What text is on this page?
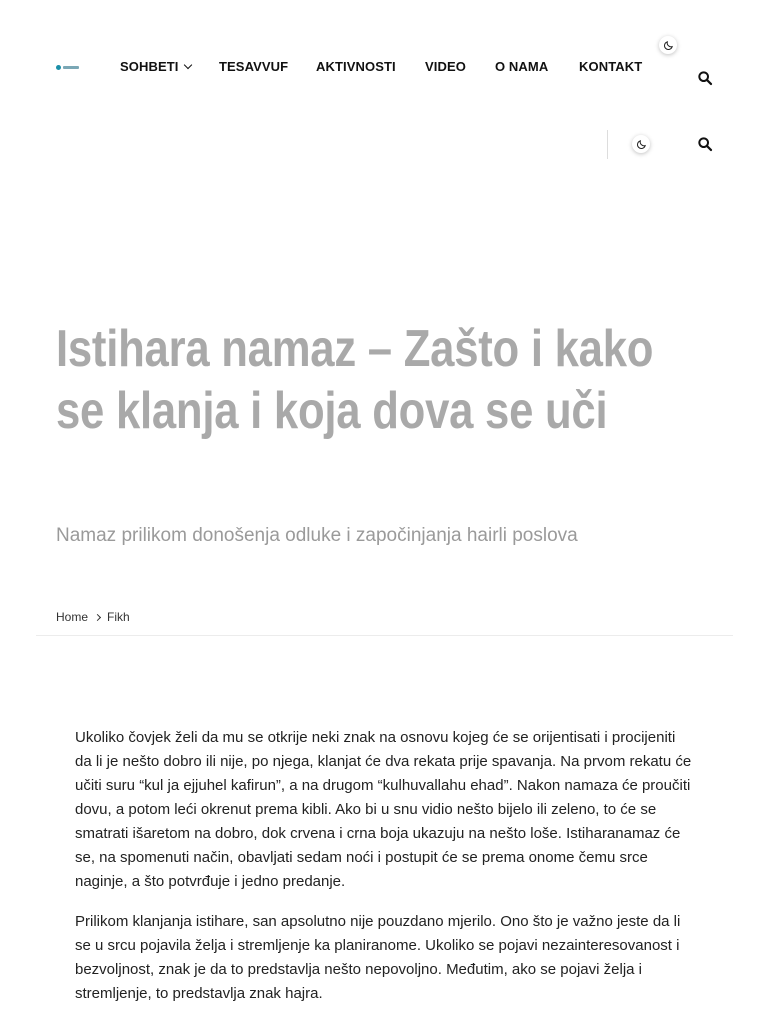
SOHBETI	TESAVVUF AKTIVNOSTI VIDEO O NAMA KONTAKT
Istihara namaz – Zašto i kako se klanja i koja dova se uči
Namaz prilikom donošenja odluke i započinjanja hairli poslova
Home Fikh

Ukoliko čovjek želi da mu se otkrije neki znak na osnovu kojeg će se orijentisati i procijeniti da li je nešto dobro ili nije, po njega, klanjat će dva rekata prije spavanja. Na prvom rekatu će učiti suru “kul ja ejjuhel kafirun”, a na drugom “kulhuvallahu ehad”. Nakon namaza će proučiti dovu, a potom leći okrenut prema kibli. Ako bi u snu vidio nešto bijelo ili zeleno, to će se smatrati išaretom na dobro, dok crvena i crna boja ukazuju na nešto loše. Istiharanamaz će se, na spomenuti način, obavljati sedam noći i postupit će se prema onome čemu srce naginje, a što potvrđuje i jedno predanje.

Prilikom klanjanja istihare, san apsolutno nije pouzdano mjerilo. Ono što je važno jeste da li se u srcu pojavila želja i stremljenje ka planiranome. Ukoliko se pojavi nezainteresovanost i bezvoljnost, znak je da to predstavlja nešto nepovoljno. Međutim, ako se pojavi želja i stremljenje, to predstavlja znak hajra.
